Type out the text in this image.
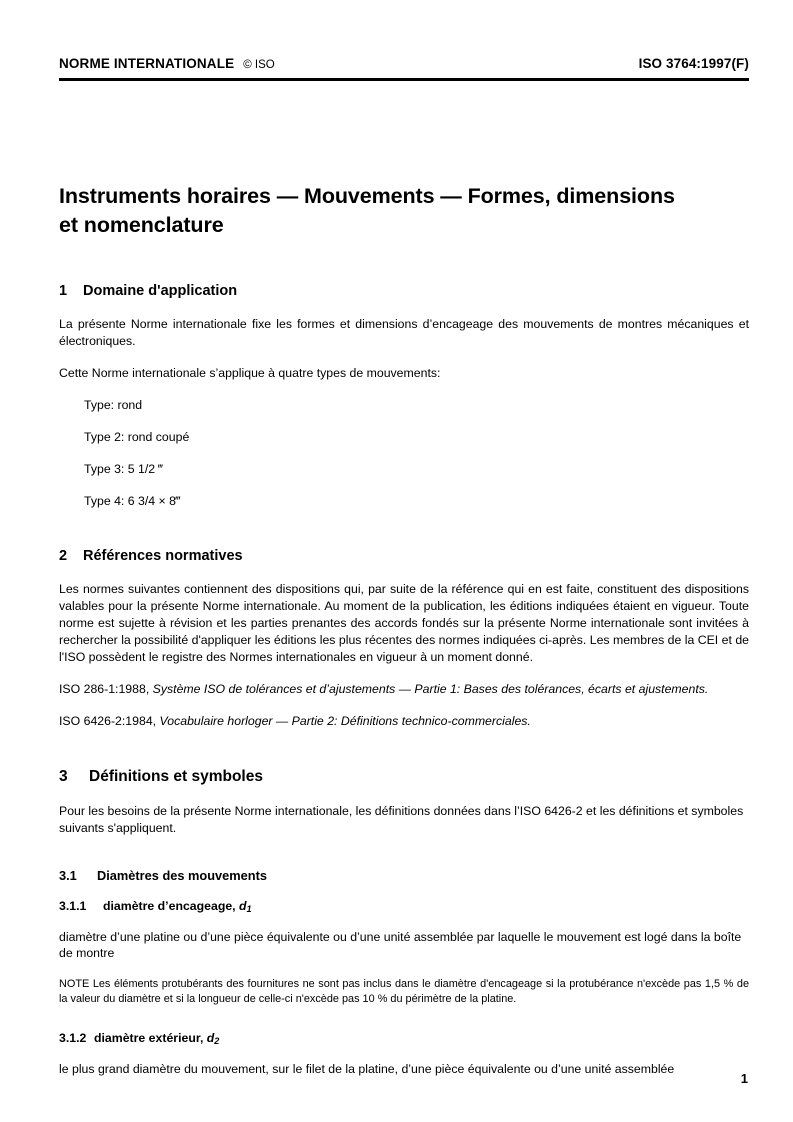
NORME INTERNATIONALE © ISO	ISO 3764:1997(F)
Instruments horaires — Mouvements — Formes, dimensions et nomenclature
1	Domaine d'application

La présente Norme internationale fixe les formes et dimensions d’encageage des mouvements de montres mécaniques et électroniques.

Cette Norme internationale s’applique à quatre types de mouvements:

Type: rond

Type 2: rond coupé

Type 3: 5 1/2 ‴

Type 4: 6 3/4 × 8‴

2	Références normatives

Les normes suivantes contiennent des dispositions qui, par suite de la référence qui en est faite, constituent des dispositions valables pour la présente Norme internationale. Au moment de la publication, les éditions indiquées étaient en vigueur. Toute norme est sujette à révision et les parties prenantes des accords fondés sur la présente Norme internationale sont invitées à rechercher la possibilité d'appliquer les éditions les plus récentes des normes indiquées ci-après. Les membres de la CEI et de l'ISO possèdent le registre des Normes internationales en vigueur à un moment donné.

ISO 286-1:1988, Système ISO de tolérances et d’ajustements — Partie 1: Bases des tolérances, écarts et ajustements.

ISO 6426-2:1984, Vocabulaire horloger — Partie 2: Définitions technico-commerciales.

3	Définitions et symboles

Pour les besoins de la présente Norme internationale, les définitions données dans l’ISO 6426-2 et les définitions et symboles suivants s'appliquent.

3.1	Diamètres des mouvements
3.1.1	diamètre d’encageage, $d_1$

diamètre d’une platine ou d’une pièce équivalente ou d’une unité assemblée par laquelle le mouvement est logé dans la boîte de montre

NOTE Les éléments protubérants des fournitures ne sont pas inclus dans le diamètre d'encageage si la protubérance n'excède pas 1,5 % de la valeur du diamètre et si la longueur de celle-ci n'excède pas 10 % du périmètre de la platine.

3.1.2 diamètre extérieur, $d_2$

le plus grand diamètre du mouvement, sur le filet de la platine, d’une pièce équivalente ou d’une unité assemblée

1
